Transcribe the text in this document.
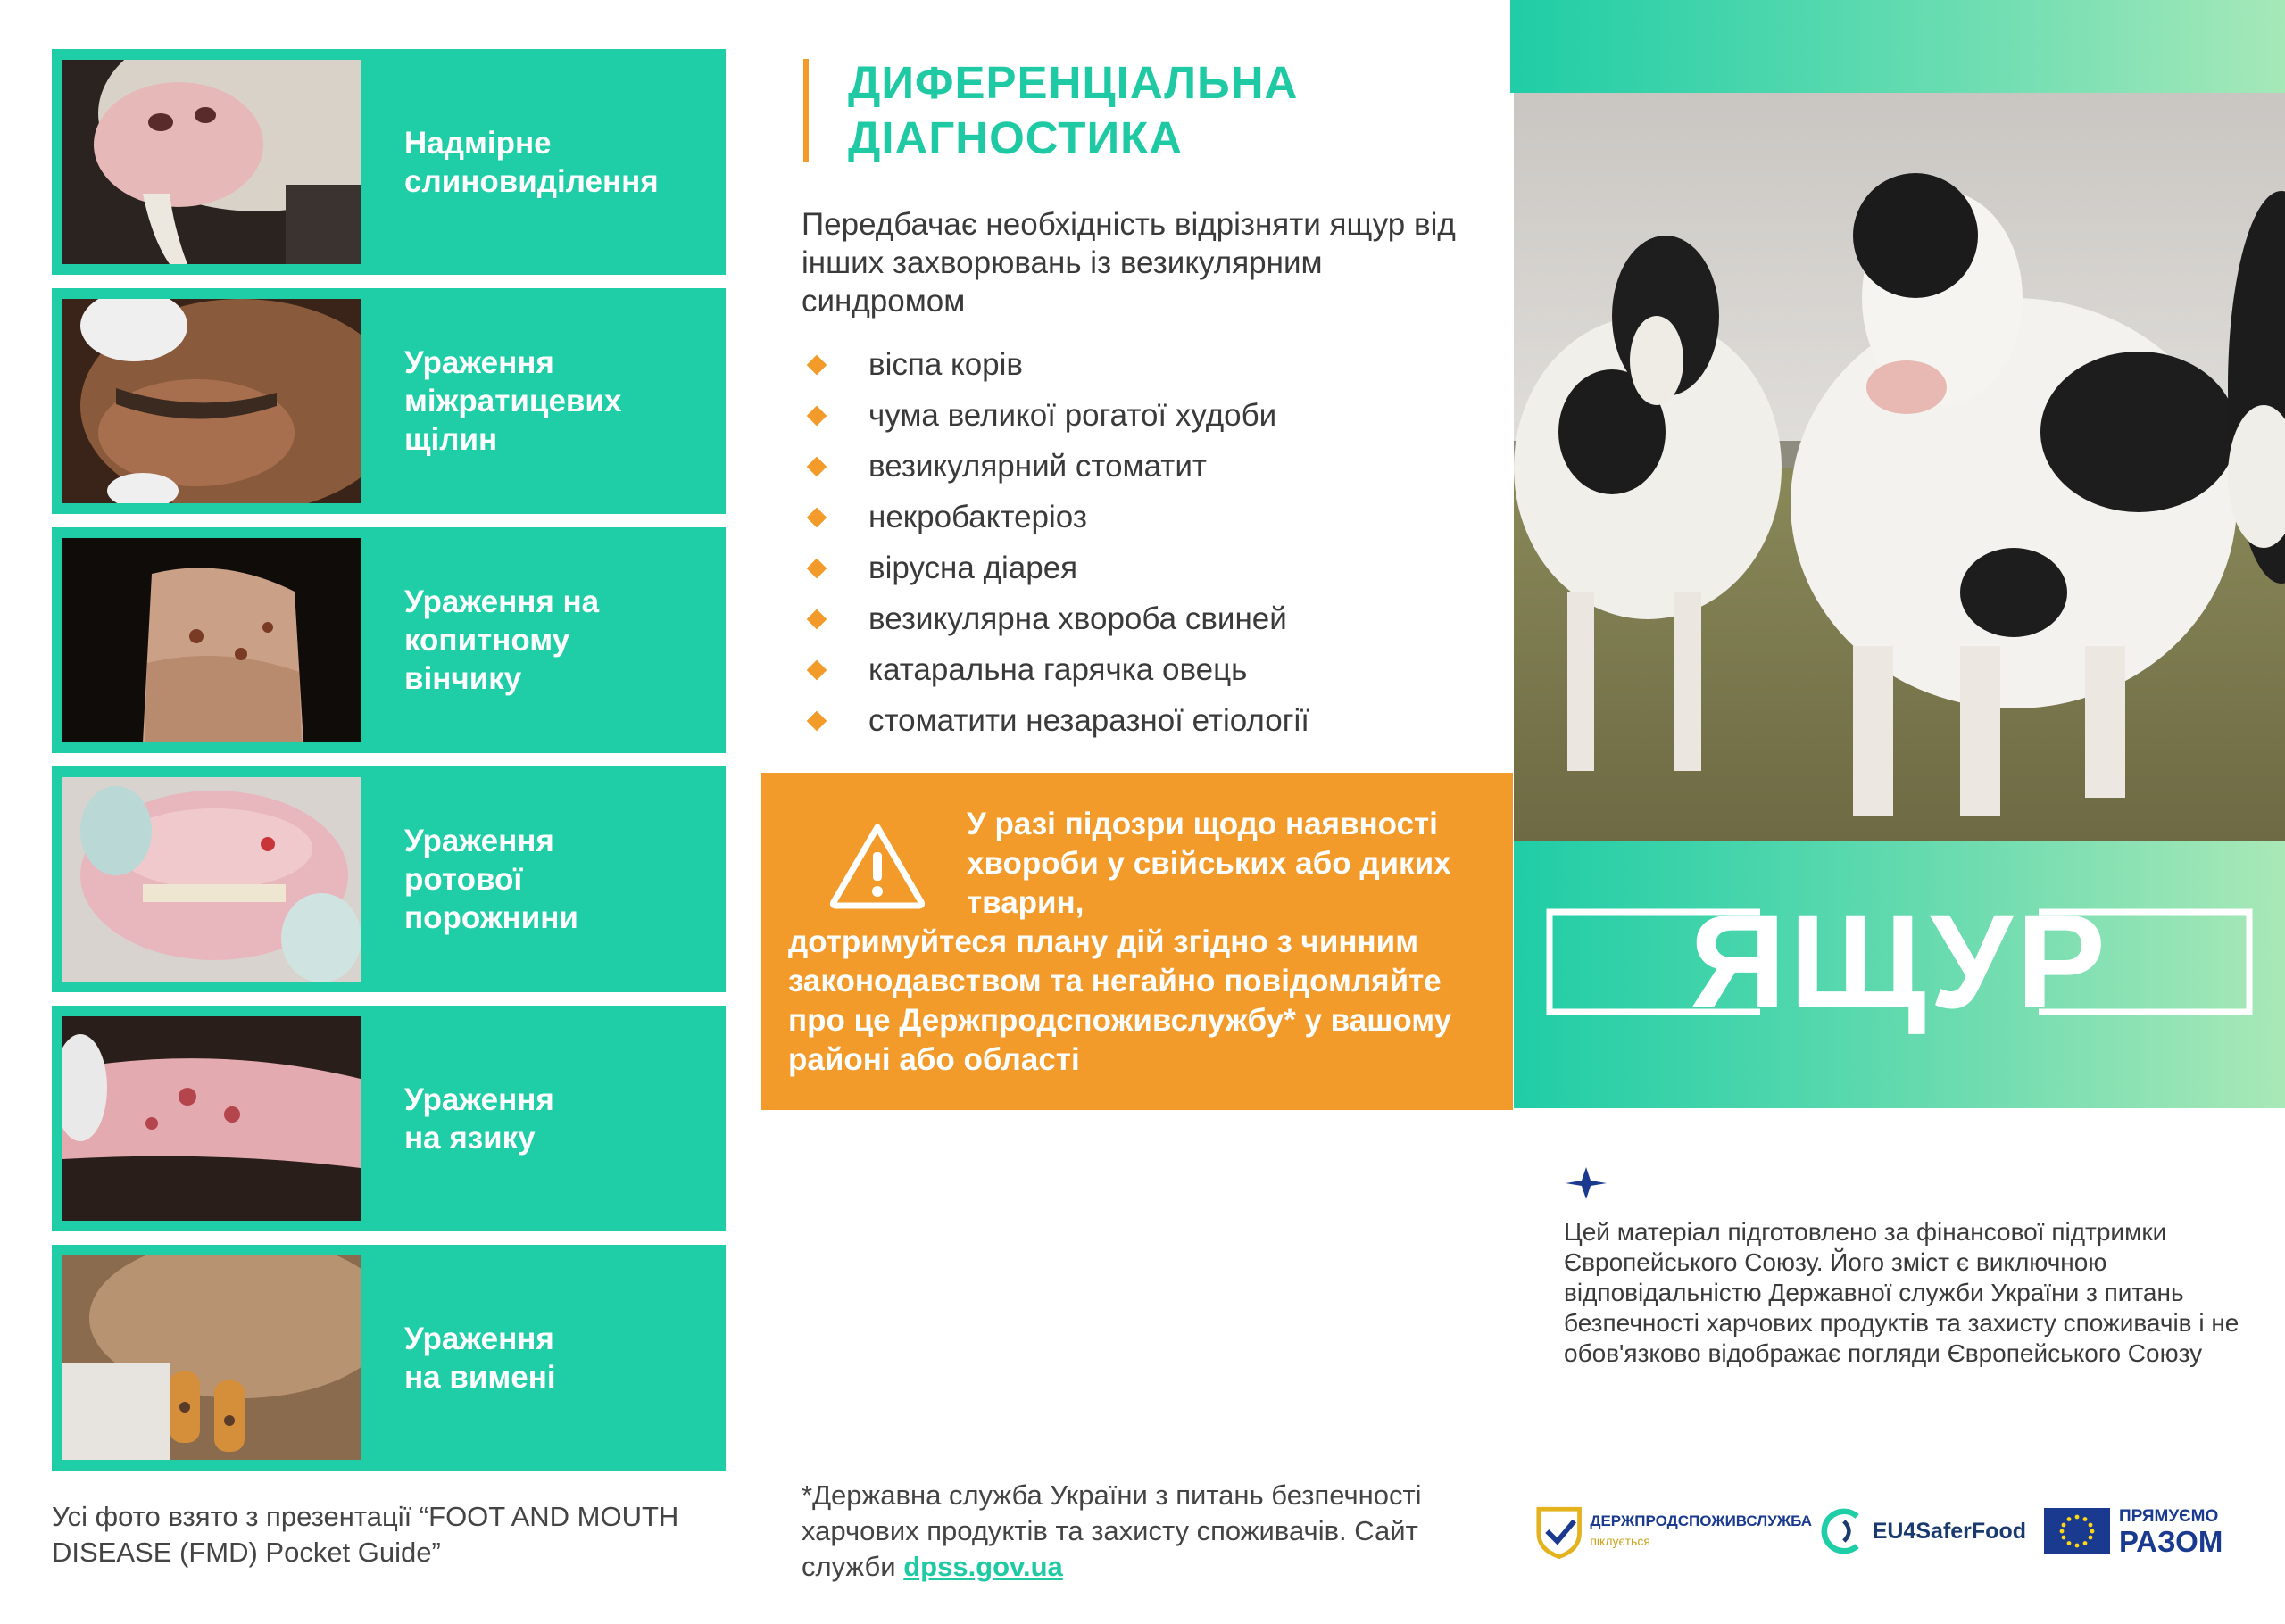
Надмірне
слиновиділення
Ураження
міжратицевих
щілин
Ураження на
копитному
вінчику
Ураження
ротової
порожнини
Ураження
на язику
Ураження
на вимені
Усі фото взято з презентації “FOOT AND MOUTH DISEASE (FMD) Pocket Guide”
ДИФЕРЕНЦІАЛЬНА ДІАГНОСТИКА
Передбачає необхідність відрізняти ящур від інших захворювань із везикулярним синдромом
віспа корів
чума великої рогатої худоби
везикулярний стоматит
некробактеріоз
вірусна діарея
везикулярна хвороба свиней
катаральна гарячка овець
стоматити незаразної етіології
У разі підозри щодо наявності хвороби у свійських або диких тварин,
дотримуйтеся плану дій згідно з чинним законодавством та негайно повідомляйте про це Держпродспоживслужбу* у вашому районі або області
*Державна служба України з питань безпечності харчових продуктів та захисту споживачів. Сайт служби dpss.gov.ua
ЯЩУР
Цей матеріал підготовлено за фінансової підтримки Європейського Союзу. Його зміст є виключною відповідальністю Державної служби України з питань безпечності харчових продуктів та захисту споживачів і не обов'язково відображає погляди Європейського Союзу
ДЕРЖПРОДСПОЖИВСЛУЖБА
піклується	EU4SaferFood
ПРЯМУЄМО
РАЗОМ
